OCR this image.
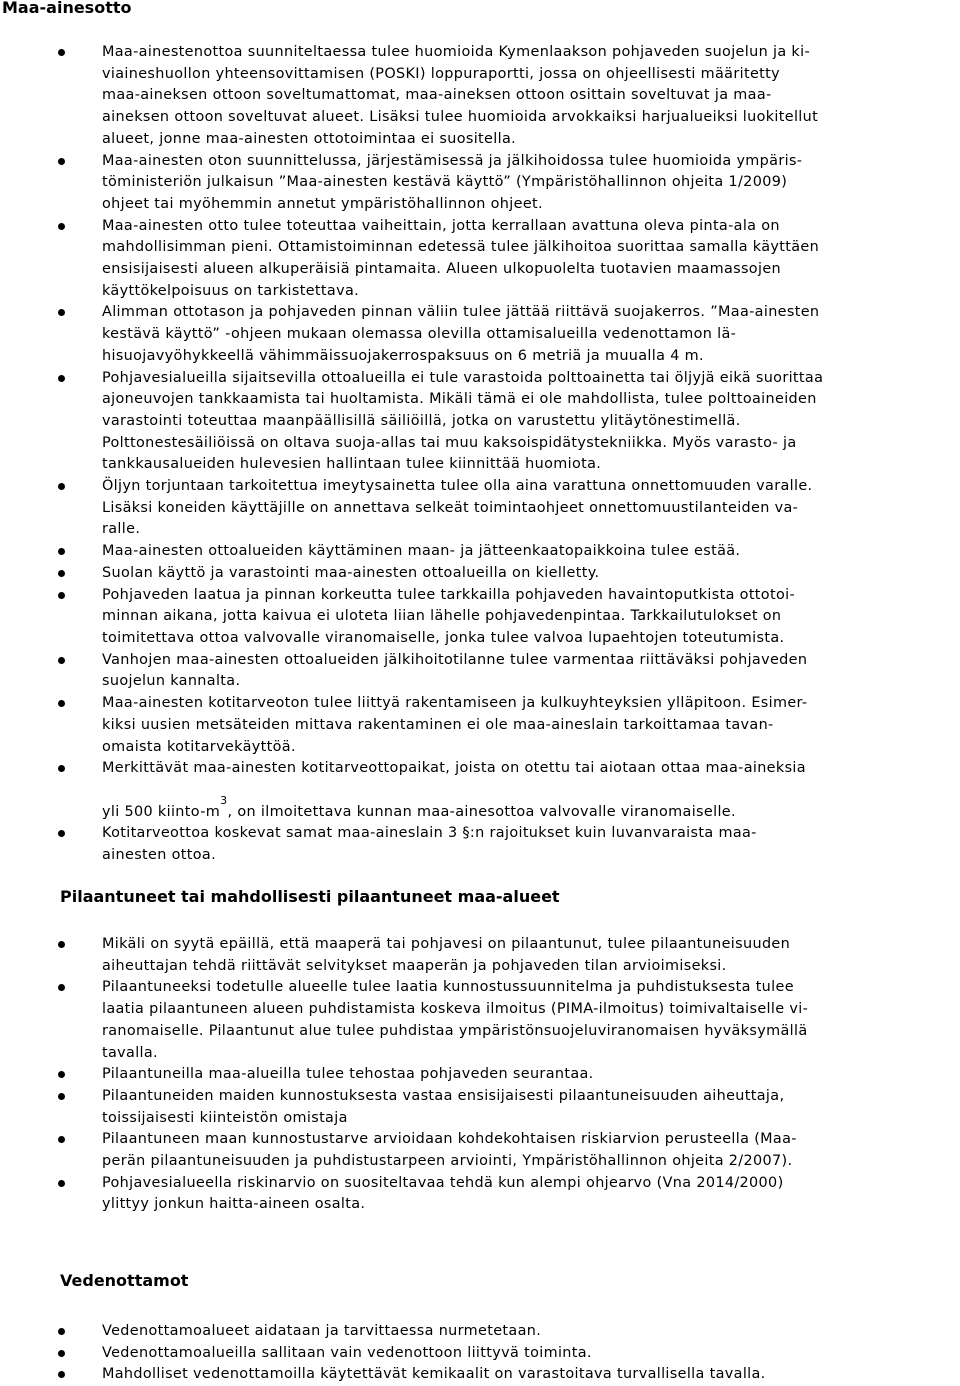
Maa-ainesotto
Maa-ainestenottoa suunniteltaessa tulee huomioida Kymenlaakson pohjaveden suojelun ja ki-
viaineshuollon yhteensovittamisen (POSKI) loppuraportti, jossa on ohjeellisesti määritetty
maa-aineksen ottoon soveltumattomat, maa-aineksen ottoon osittain soveltuvat ja maa-
aineksen ottoon soveltuvat alueet. Lisäksi tulee huomioida arvokkaiksi harjualueiksi luokitellut
alueet, jonne maa-ainesten ottotoimintaa ei suositella.
Maa-ainesten oton suunnittelussa, järjestämisessä ja jälkihoidossa tulee huomioida ympäris-
töministeriön julkaisun ”Maa-ainesten kestävä käyttö” (Ympäristöhallinnon ohjeita 1/2009)
ohjeet tai myöhemmin annetut ympäristöhallinnon ohjeet.
Maa-ainesten otto tulee toteuttaa vaiheittain, jotta kerrallaan avattuna oleva pinta-ala on
mahdollisimman pieni. Ottamistoiminnan edetessä tulee jälkihoitoa suorittaa samalla käyttäen
ensisijaisesti alueen alkuperäisiä pintamaita. Alueen ulkopuolelta tuotavien maamassojen
käyttökelpoisuus on tarkistettava.
Alimman ottotason ja pohjaveden pinnan väliin tulee jättää riittävä suojakerros. ”Maa-ainesten
kestävä käyttö” -ohjeen mukaan olemassa olevilla ottamisalueilla vedenottamon lä-
hisuojavyöhykkeellä vähimmäissuojakerrospaksuus on 6 metriä ja muualla 4 m.
Pohjavesialueilla sijaitsevilla ottoalueilla ei tule varastoida polttoainetta tai öljyjä eikä suorittaa
ajoneuvojen tankkaamista tai huoltamista. Mikäli tämä ei ole mahdollista, tulee polttoaineiden
varastointi toteuttaa maanpäällisillä säiliöillä, jotka on varustettu ylitäytönestimellä.
Polttonestesäiliöissä on oltava suoja-allas tai muu kaksoispidätystekniikka. Myös varasto- ja
tankkausalueiden hulevesien hallintaan tulee kiinnittää huomiota.
Öljyn torjuntaan tarkoitettua imeytysainetta tulee olla aina varattuna onnettomuuden varalle.
Lisäksi koneiden käyttäjille on annettava selkeät toimintaohjeet onnettomuustilanteiden va-
ralle.
Maa-ainesten ottoalueiden käyttäminen maan- ja jätteenkaatopaikkoina tulee estää.
Suolan käyttö ja varastointi maa-ainesten ottoalueilla on kielletty.
Pohjaveden laatua ja pinnan korkeutta tulee tarkkailla pohjaveden havaintoputkista ottotoi-
minnan aikana, jotta kaivua ei uloteta liian lähelle pohjavedenpintaa. Tarkkailutulokset on
toimitettava ottoa valvovalle viranomaiselle, jonka tulee valvoa lupaehtojen toteutumista.
Vanhojen maa-ainesten ottoalueiden jälkihoitotilanne tulee varmentaa riittäväksi pohjaveden
suojelun kannalta.
Maa-ainesten kotitarveoton tulee liittyä rakentamiseen ja kulkuyhteyksien ylläpitoon. Esimer-
kiksi uusien metsäteiden mittava rakentaminen ei ole maa-aineslain tarkoittamaa tavan-
omaista kotitarvekäyttöä.
Merkittävät maa-ainesten kotitarveottopaikat, joista on otettu tai aiotaan ottaa maa-aineksia

yli 500 kiinto-$m^3$, on ilmoitettava kunnan maa-ainesottoa valvovalle viranomaiselle.
Kotitarveottoa koskevat samat maa-aineslain 3 §:n rajoitukset kuin luvanvaraista maa-
ainesten ottoa.
Pilaantuneet tai mahdollisesti pilaantuneet maa-alueet
Mikäli on syytä epäillä, että maaperä tai pohjavesi on pilaantunut, tulee pilaantuneisuuden
aiheuttajan tehdä riittävät selvitykset maaperän ja pohjaveden tilan arvioimiseksi.
Pilaantuneeksi todetulle alueelle tulee laatia kunnostussuunnitelma ja puhdistuksesta tulee
laatia pilaantuneen alueen puhdistamista koskeva ilmoitus (PIMA-ilmoitus) toimivaltaiselle vi-
ranomaiselle. Pilaantunut alue tulee puhdistaa ympäristönsuojeluviranomaisen hyväksymällä
tavalla.
Pilaantuneilla maa-alueilla tulee tehostaa pohjaveden seurantaa.
Pilaantuneiden maiden kunnostuksesta vastaa ensisijaisesti pilaantuneisuuden aiheuttaja,
toissijaisesti kiinteistön omistaja
Pilaantuneen maan kunnostustarve arvioidaan kohdekohtaisen riskiarvion perusteella (Maa-
perän pilaantuneisuuden ja puhdistustarpeen arviointi, Ympäristöhallinnon ohjeita 2/2007).
Pohjavesialueella riskinarvio on suositeltavaa tehdä kun alempi ohjearvo (Vna 2014/2000)
ylittyy jonkun haitta-aineen osalta.
Vedenottamot
Vedenottamoalueet aidataan ja tarvittaessa nurmetetaan.
Vedenottamoalueilla sallitaan vain vedenottoon liittyvä toiminta.
Mahdolliset vedenottamoilla käytettävät kemikaalit on varastoitava turvallisella tavalla.
